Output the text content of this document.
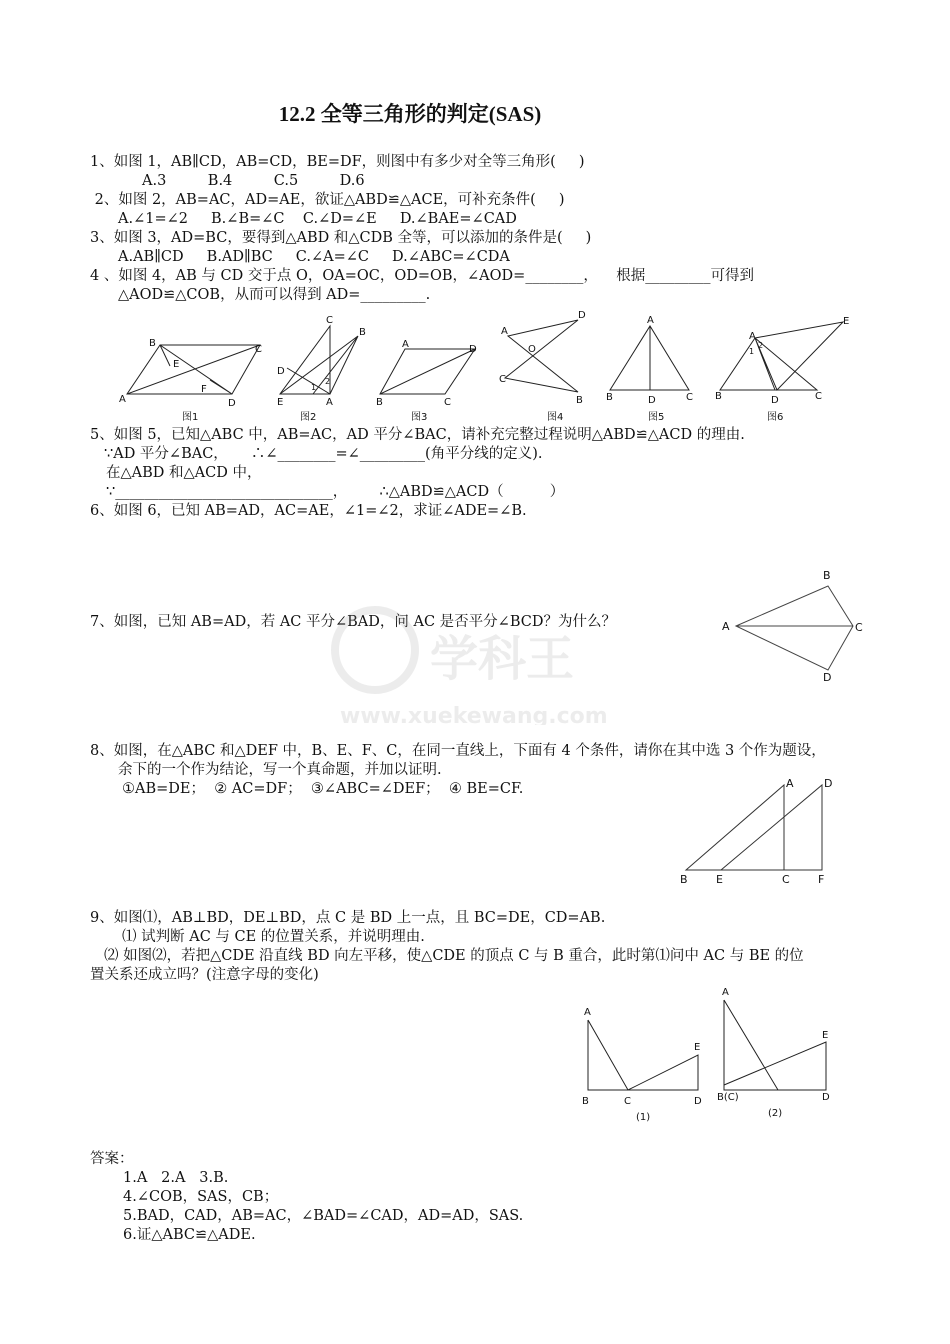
12.2 全等三角形的判定(SAS)
1、如图 1，AB∥CD，AB=CD，BE=DF，则图中有多少对全等三角形(     )
A.3         B.4         C.5         D.6
2、如图 2，AB=AC，AD=AE，欲证△ABD≌△ACE，可补充条件(     )
A.∠1=∠2     B.∠B=∠C    C.∠D=∠E     D.∠BAE=∠CAD
3、如图 3，AD=BC，要得到△ABD 和△CDB 全等，可以添加的条件是(     )
A.AB∥CD     B.AD∥BC     C.∠A=∠C     D.∠ABC=∠CDA
4 、如图 4，AB 与 CD 交于点 O，OA=OC，OD=OB，∠AOD=________，    根据_________可得到
△AOD≌△COB，从而可以得到 AD=_________.
A
B
C
D
E
F
C
B
D
E	A
2
1
A	D
B	C
A
D
O
C
B
A
B	D	C
A
1
2
E
B	D	C
图1	图2	图3	图4	图5	图6
5、如图 5，已知△ABC 中，AB=AC，AD 平分∠BAC，请补充完整过程说明△ABD≌△ACD 的理由.
∵AD 平分∠BAC，     ∴∠________=∠_________(角平分线的定义).
在△ABD 和△ACD 中，
∵______________________________，       ∴△ABD≌△ACD（          ）
6、如图 6，已知 AB=AD，AC=AE，∠1=∠2，求证∠ADE=∠B.
7、如图，已知 AB=AD，若 AC 平分∠BAD，问 AC 是否平分∠BCD？为什么？	A
B
C
D
学科王
www.xuekewang.com
8、如图，在△ABC 和△DEF 中，B、E、F、C，在同一直线上，下面有 4 个条件，请你在其中选 3 个作为题设，
余下的一个作为结论，写一个真命题，并加以证明.
①AB=DE；  ② AC=DF；  ③∠ABC=∠DEF；  ④ BE=CF.
B	E	C	F
A	D
9、如图⑴，AB⊥BD，DE⊥BD，点 C 是 BD 上一点，且 BC=DE，CD=AB.
⑴ 试判断 AC 与 CE 的位置关系，并说明理由.
⑵ 如图⑵，若把△CDE 沿直线 BD 向左平移，使△CDE 的顶点 C 与 B 重合，此时第⑴问中 AC 与 BE 的位
置关系还成立吗？(注意字母的变化)
A
B	C	D
E
A
B(C)	D
E
(1)	(2)
答案：
1.A   2.A   3.B.
4.∠COB，SAS，CB；
5.BAD，CAD，AB=AC，∠BAD=∠CAD，AD=AD，SAS.
6.证△ABC≌△ADE.
